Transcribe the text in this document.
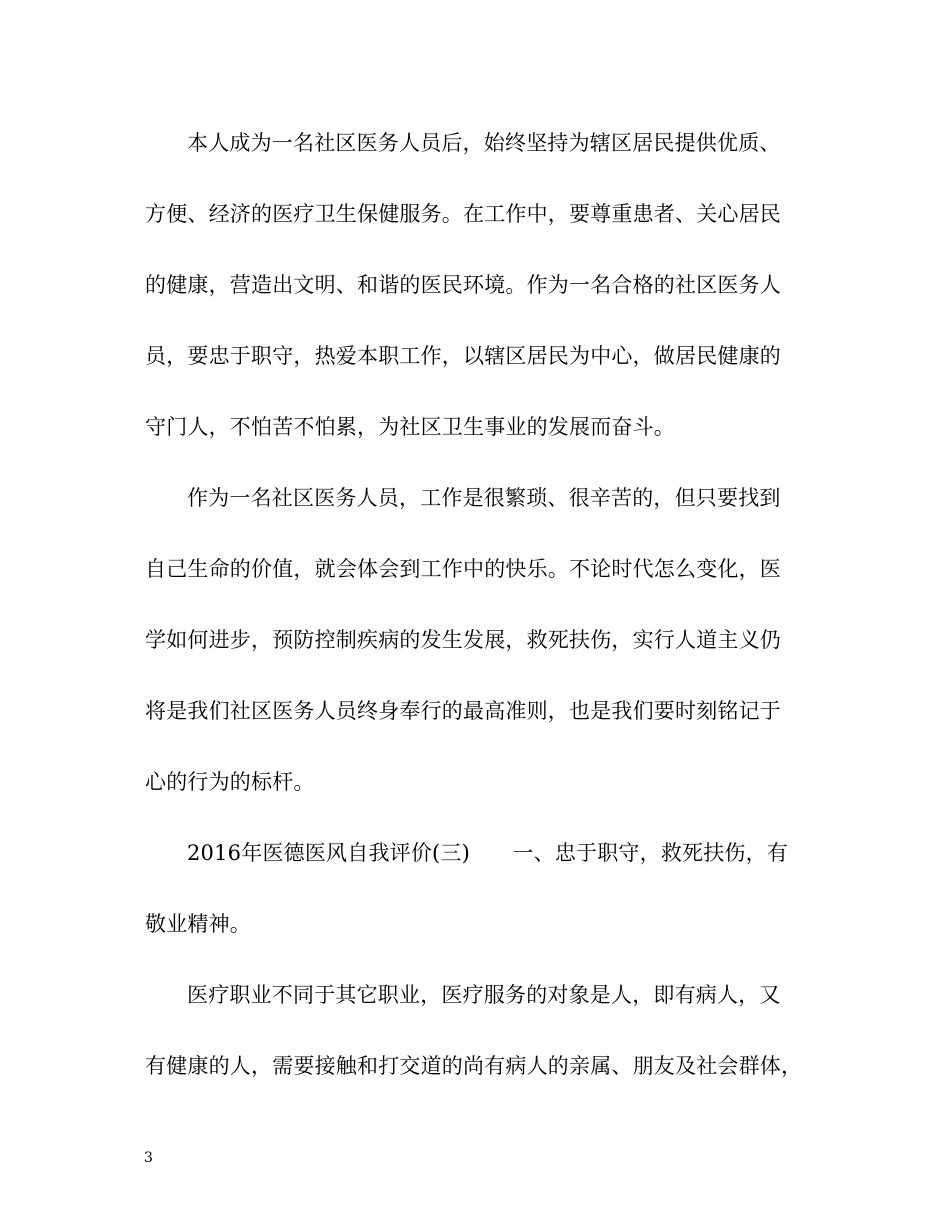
本人成为一名社区医务人员后，始终坚持为辖区居民提供优质、
方便、经济的医疗卫生保健服务。在工作中，要尊重患者、关心居民
的健康，营造出文明、和谐的医民环境。作为一名合格的社区医务人
员，要忠于职守，热爱本职工作，以辖区居民为中心，做居民健康的
守门人，不怕苦不怕累，为社区卫生事业的发展而奋斗。
作为一名社区医务人员，工作是很繁琐、很辛苦的，但只要找到
自己生命的价值，就会体会到工作中的快乐。不论时代怎么变化，医
学如何进步，预防控制疾病的发生发展，救死扶伤，实行人道主义仍
将是我们社区医务人员终身奉行的最高准则，也是我们要时刻铭记于
心的行为的标杆。
2016年医德医风自我评价(三)　　一、忠于职守，救死扶伤，有
敬业精神。
医疗职业不同于其它职业，医疗服务的对象是人，即有病人，又
有健康的人，需要接触和打交道的尚有病人的亲属、朋友及社会群体，
3
